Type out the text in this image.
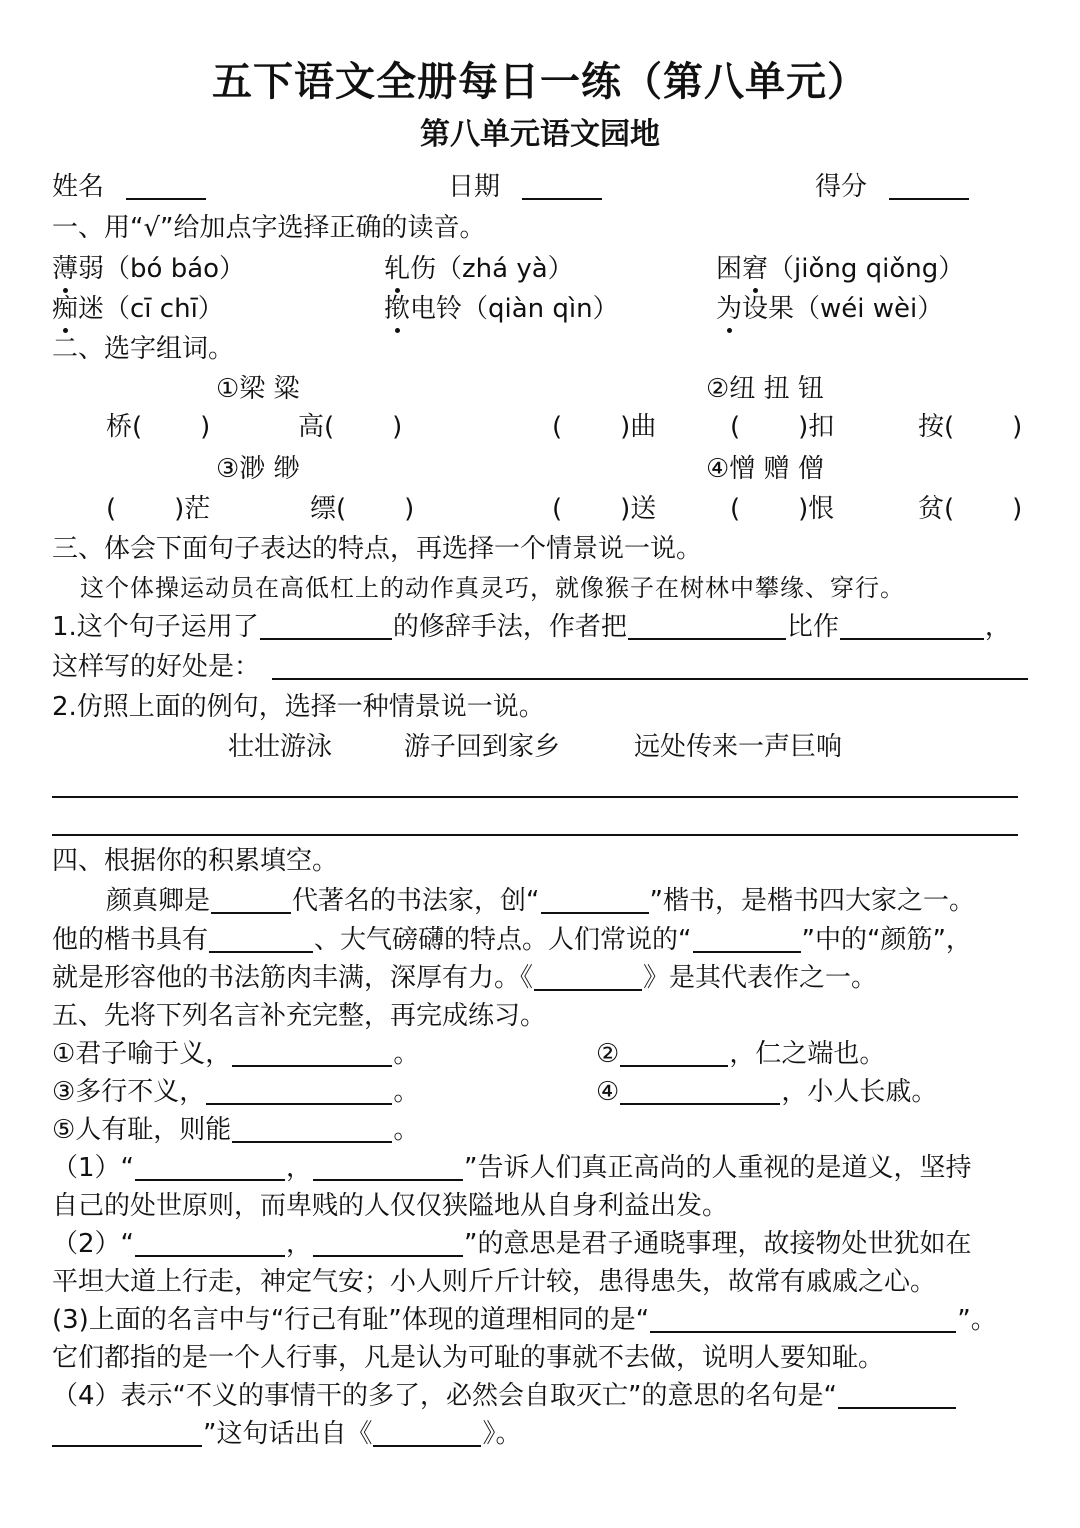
五下语文全册每日一练（第八单元）
第八单元语文园地
姓名	日期	得分
一、用“√”给加点字选择正确的读音。
薄弱（bó báo）	轧伤（zhá yà）	困窘（jiǒng qiǒng）
痴迷（cī chī）	揿电铃（qiàn qìn）	为设果（wéi wèi）
二、选字组词。
①梁 粱	②纽 扭 钮
桥( )	高( )	( )曲	( )扣	按( )
③渺 缈	④憎 赠 僧
( )茫	缥( )	( )送	( )恨	贫( )
三、体会下面句子表达的特点，再选择一个情景说一说。
这个体操运动员在高低杠上的动作真灵巧，就像猴子在树林中攀缘、穿行。
1.这个句子运用了	的修辞手法，作者把	比作	，
这样写的好处是：
2.仿照上面的例句，选择一种情景说一说。
壮壮游泳	游子回到家乡	远处传来一声巨响
四、根据你的积累填空。
颜真卿是	代著名的书法家，创“	”楷书，是楷书四大家之一。
他的楷书具有	、大气磅礴的特点。人们常说的“	”中的“颜筋”，
就是形容他的书法筋肉丰满，深厚有力。《	》是其代表作之一。
五、先将下列名言补充完整，再完成练习。
①君子喻于义，	。	②	，仁之端也。
③多行不义，	。	④	，小人长戚。
⑤人有耻，则能	。
（1）“	，	”告诉人们真正高尚的人重视的是道义，坚持
自己的处世原则，而卑贱的人仅仅狭隘地从自身利益出发。
（2）“	，	”的意思是君子通晓事理，故接物处世犹如在
平坦大道上行走，神定气安；小人则斤斤计较，患得患失，故常有戚戚之心。
(3)上面的名言中与“行己有耻”体现的道理相同的是“	”。
它们都指的是一个人行事，凡是认为可耻的事就不去做，说明人要知耻。
（4）表示“不义的事情干的多了，必然会自取灭亡”的意思的名句是“
”这句话出自《	》。
